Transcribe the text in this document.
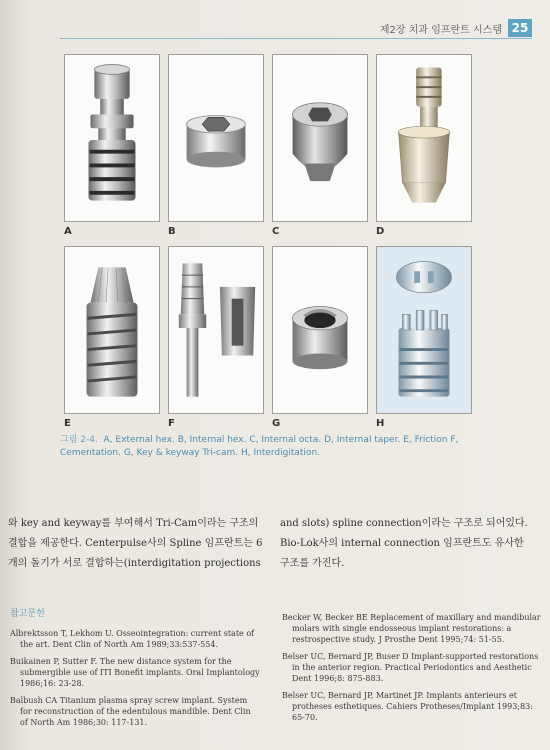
제2장 치과 임프란트 시스템 25
A	B	C	D
E	F	G	H
그림 2-4. A, External hex. B, Internal hex. C, Internal octa. D, Internal taper. E, Friction F, Cementation. G, Key & keyway Tri-cam. H, Interdigitation.
와 key and keyway를 부여해서 Tri-Cam이라는 구조의
결합을 제공한다. Centerpulse사의 Spline 임프란트는 6
개의 돌기가 서로 결합하는(interdigitation projections
and slots) spline connection이라는 구조로 되어있다.
Bio-Lok사의 internal connection 임프란트도 유사한
구조를 가진다.
참고문헌

Albrektsson T, Lekhom U. Osseointegration: current state of the art. Dent Clin of North Am 1989;33:537-554.

Buikainen P, Sutter F. The new distance system for the submergible use of ITI Bonefit implants. Oral Implantology 1986;16: 23-28.

Balbush CA Titanium plasma spray screw implant. System for reconstruction of the edentulous mandible. Dent Clin of North Am 1986;30: 117-131.

Becker W, Becker BE Replacement of maxillary and mandibular molars with single endosseous implant restorations: a restrospective study. J Prosthe Dent 1995;74: 51-55.

Belser UC, Bernard JP, Buser D Implant-supported restorations in the anterior region. Practical Periodontics and Aesthetic Dent 1996;8: 875-883.

Belser UC, Bernard JP, Martinet JP. Implants anterieurs et protheses esthetiques. Cahiers Protheses/Implant 1993;83: 65-70.
